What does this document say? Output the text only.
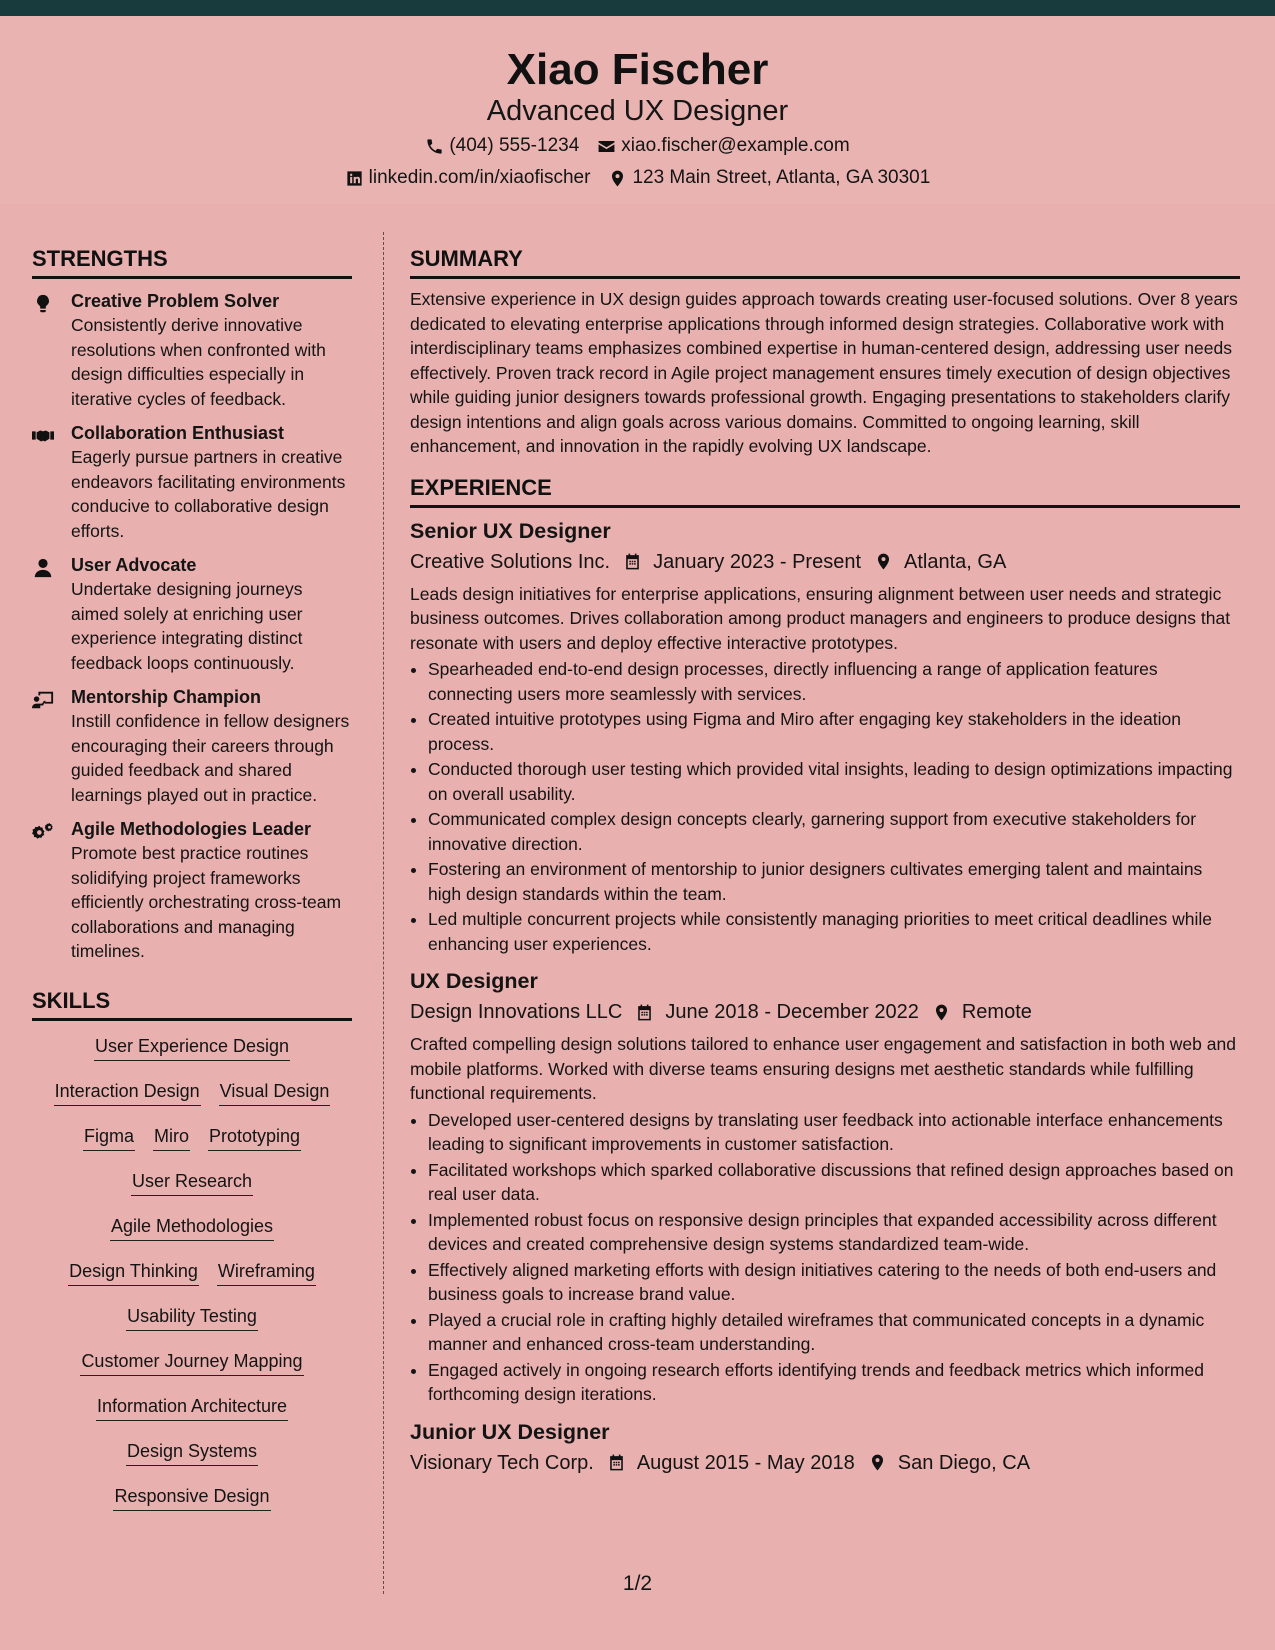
Xiao Fischer
Advanced UX Designer
(404) 555-1234 xiao.fischer@example.com
linkedin.com/in/xiaofischer 123 Main Street, Atlanta, GA 30301
STRENGTHS
Creative Problem Solver
Consistently derive innovative resolutions when confronted with design difficulties especially in iterative cycles of feedback.
Collaboration Enthusiast
Eagerly pursue partners in creative endeavors facilitating environments conducive to collaborative design efforts.
User Advocate
Undertake designing journeys aimed solely at enriching user experience integrating distinct feedback loops continuously.
Mentorship Champion
Instill confidence in fellow designers encouraging their careers through guided feedback and shared learnings played out in practice.
Agile Methodologies Leader
Promote best practice routines solidifying project frameworks efficiently orchestrating cross-team collaborations and managing timelines.
SKILLS
User Experience Design
Interaction Design Visual Design
Figma Miro Prototyping
User Research
Agile Methodologies
Design Thinking Wireframing
Usability Testing
Customer Journey Mapping
Information Architecture
Design Systems
Responsive Design
SUMMARY
Extensive experience in UX design guides approach towards creating user-focused solutions. Over 8 years dedicated to elevating enterprise applications through informed design strategies. Collaborative work with interdisciplinary teams emphasizes combined expertise in human-centered design, addressing user needs effectively. Proven track record in Agile project management ensures timely execution of design objectives while guiding junior designers towards professional growth. Engaging presentations to stakeholders clarify design intentions and align goals across various domains. Committed to ongoing learning, skill enhancement, and innovation in the rapidly evolving UX landscape.
EXPERIENCE
Senior UX Designer
Creative Solutions Inc. January 2023 - Present Atlanta, GA
Leads design initiatives for enterprise applications, ensuring alignment between user needs and strategic business outcomes. Drives collaboration among product managers and engineers to produce designs that resonate with users and deploy effective interactive prototypes.
• Spearheaded end-to-end design processes, directly influencing a range of application features connecting users more seamlessly with services.
• Created intuitive prototypes using Figma and Miro after engaging key stakeholders in the ideation process.
• Conducted thorough user testing which provided vital insights, leading to design optimizations impacting on overall usability.
• Communicated complex design concepts clearly, garnering support from executive stakeholders for innovative direction.
• Fostering an environment of mentorship to junior designers cultivates emerging talent and maintains high design standards within the team.
• Led multiple concurrent projects while consistently managing priorities to meet critical deadlines while enhancing user experiences.
UX Designer
Design Innovations LLC June 2018 - December 2022 Remote
Crafted compelling design solutions tailored to enhance user engagement and satisfaction in both web and mobile platforms. Worked with diverse teams ensuring designs met aesthetic standards while fulfilling functional requirements.
• Developed user-centered designs by translating user feedback into actionable interface enhancements leading to significant improvements in customer satisfaction.
• Facilitated workshops which sparked collaborative discussions that refined design approaches based on real user data.
• Implemented robust focus on responsive design principles that expanded accessibility across different devices and created comprehensive design systems standardized team-wide.
• Effectively aligned marketing efforts with design initiatives catering to the needs of both end-users and business goals to increase brand value.
• Played a crucial role in crafting highly detailed wireframes that communicated concepts in a dynamic manner and enhanced cross-team understanding.
• Engaged actively in ongoing research efforts identifying trends and feedback metrics which informed forthcoming design iterations.
Junior UX Designer
Visionary Tech Corp. August 2015 - May 2018 San Diego, CA
1/2
